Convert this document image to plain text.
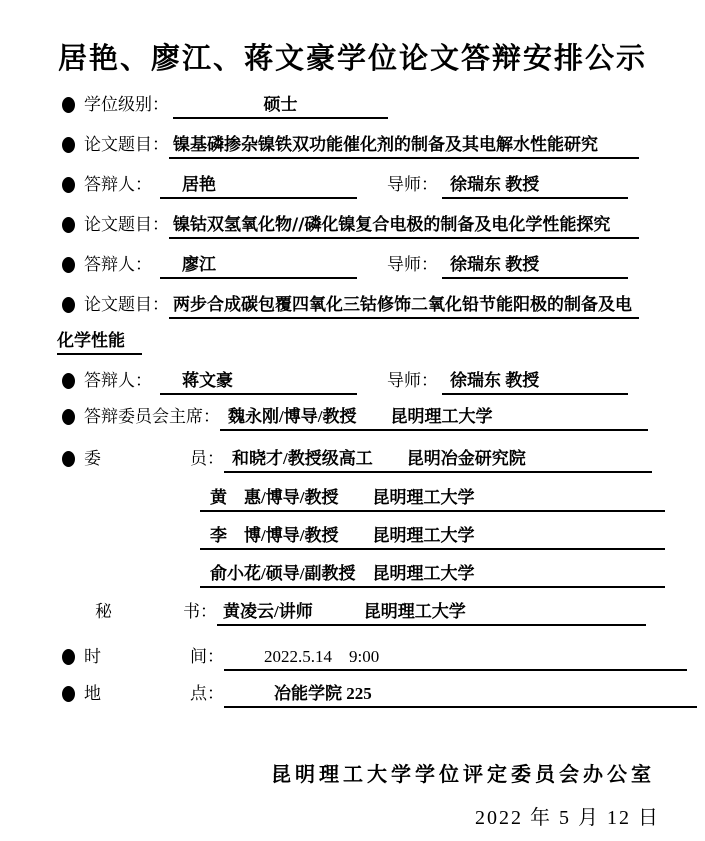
居艳、廖江、蒋文豪学位论文答辩安排公示
学位级别：	硕士
论文题目： 镍基磷掺杂镍铁双功能催化剂的制备及其电解水性能研究
答辩人：	居艳	导师： 徐瑞东 教授
论文题目： 镍钴双氢氧化物//磷化镍复合电极的制备及电化学性能探究
答辩人：	廖江	导师： 徐瑞东 教授
论文题目： 两步合成碳包覆四氧化三钴修饰二氧化铅节能阳极的制备及电
化学性能
答辩人：	蒋文豪	导师： 徐瑞东 教授
答辩委员会主席： 魏永刚/博导/教授　　昆明理工大学
委	员： 和晓才/教授级高工　　昆明冶金研究院
黄　惠/博导/教授　　昆明理工大学
李　博/博导/教授　　昆明理工大学
俞小花/硕导/副教授　昆明理工大学
秘	书： 黄凌云/讲师　　　昆明理工大学
时	间：	2022.5.14　9:00
地	点：	冶能学院 225
昆明理工大学学位评定委员会办公室
2022 年 5 月 12 日
